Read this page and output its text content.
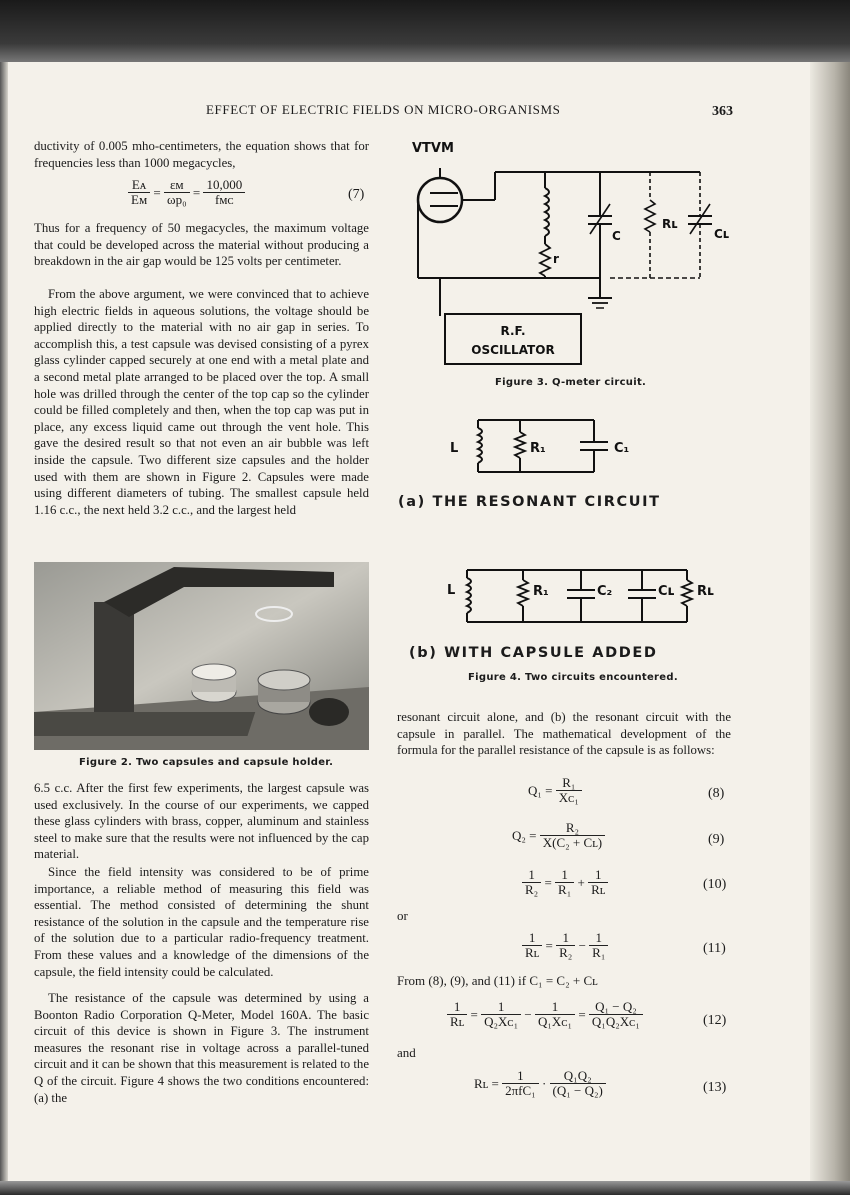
EFFECT OF ELECTRIC FIELDS ON MICRO-ORGANISMS	363

ductivity of 0.005 mho-centimeters, the equation shows that for frequencies less than 1000 megacycles,

$\frac{\text{Eᴀ}}{\text{Eᴍ}} = \frac{\text{εᴍ}}{\text{ωp₀}} = \frac{10,000}{\text{fᴍᴄ}}$	(7)

Thus for a frequency of 50 megacycles, the maximum voltage that could be developed across the material without producing a breakdown in the air gap would be 125 volts per centimeter.

From the above argument, we were convinced that to achieve high electric fields in aqueous solutions, the voltage should be applied directly to the material with no air gap in series. To accomplish this, a test capsule was devised consisting of a pyrex glass cylinder capped securely at one end with a metal plate and a second metal plate arranged to be placed over the top. A small hole was drilled through the center of the top cap so the cylinder could be filled completely and then, when the top cap was put in place, any excess liquid came out through the vent hole. This gave the desired result so that not even an air bubble was left inside the capsule. Two different size capsules and the holder used with them are shown in Figure 2. Capsules were made using different diameters of tubing. The smallest capsule held 1.16 c.c., the next held 3.2 c.c., and the largest held

Figure 2. Two capsules and capsule holder.

6.5 c.c. After the first few experiments, the largest capsule was used exclusively. In the course of our experiments, we capped these glass cylinders with brass, copper, aluminum and stainless steel to make sure that the results were not influenced by the cap material.

Since the field intensity was considered to be of prime importance, a reliable method of measuring this field was essential. The method consisted of determining the shunt resistance of the solution in the capsule and the temperature rise of the solution due to a particular radio-frequency treatment. From these values and a knowledge of the dimensions of the capsule, the field intensity could be calculated.

The resistance of the capsule was determined by using a Boonton Radio Corporation Q-Meter, Model 160A. The basic circuit of this device is shown in Figure 3. The instrument measures the resonant rise in voltage across a parallel-tuned circuit and it can be shown that this measurement is related to the Q of the circuit. Figure 4 shows the two conditions encountered: (a) the

VTVM
r
C
Rʟ
Cʟ
R.F.
OSCILLATOR
Figure 3. Q-meter circuit.
L	R₁	C₁
(a) THE RESONANT CIRCUIT
L	R₁	C₂	Cʟ Rʟ
(b) WITH CAPSULE ADDED
Figure 4. Two circuits encountered.

resonant circuit alone, and (b) the resonant circuit with the capsule in parallel. The mathematical development of the formula for the parallel resistance of the capsule is as follows:

$Q_1 = \frac{\text{R₁}}{\text{Xᴄ₁}}$	(8)
$Q_2 = \frac{\text{R₂}}{\text{X(C₂ + Cʟ)}}$	(9)
$\frac{1}{\text{R₂}} = \frac{1}{\text{R₁}} + \frac{1}{\text{Rʟ}}$	(10)
or
$\frac{1}{\text{Rʟ}} = \frac{1}{\text{R₂}} - \frac{1}{\text{R₁}}$	(11)
From (8), (9), and (11) if C₁ = C₂ + Cʟ
$\frac{1}{\text{Rʟ}} = \frac{1}{\text{Q₂Xᴄ₁}} - \frac{1}{\text{Q₁Xᴄ₁}} = \frac{\text{Q₁ − Q₂}}{\text{Q₁Q₂Xᴄ₁}}$	(12)
and
Rʟ = $\frac{1}{\text{2πfC₁}} \cdot \frac{\text{Q₁Q₂}}{\text{(Q₁ − Q₂)}}$	(13)
